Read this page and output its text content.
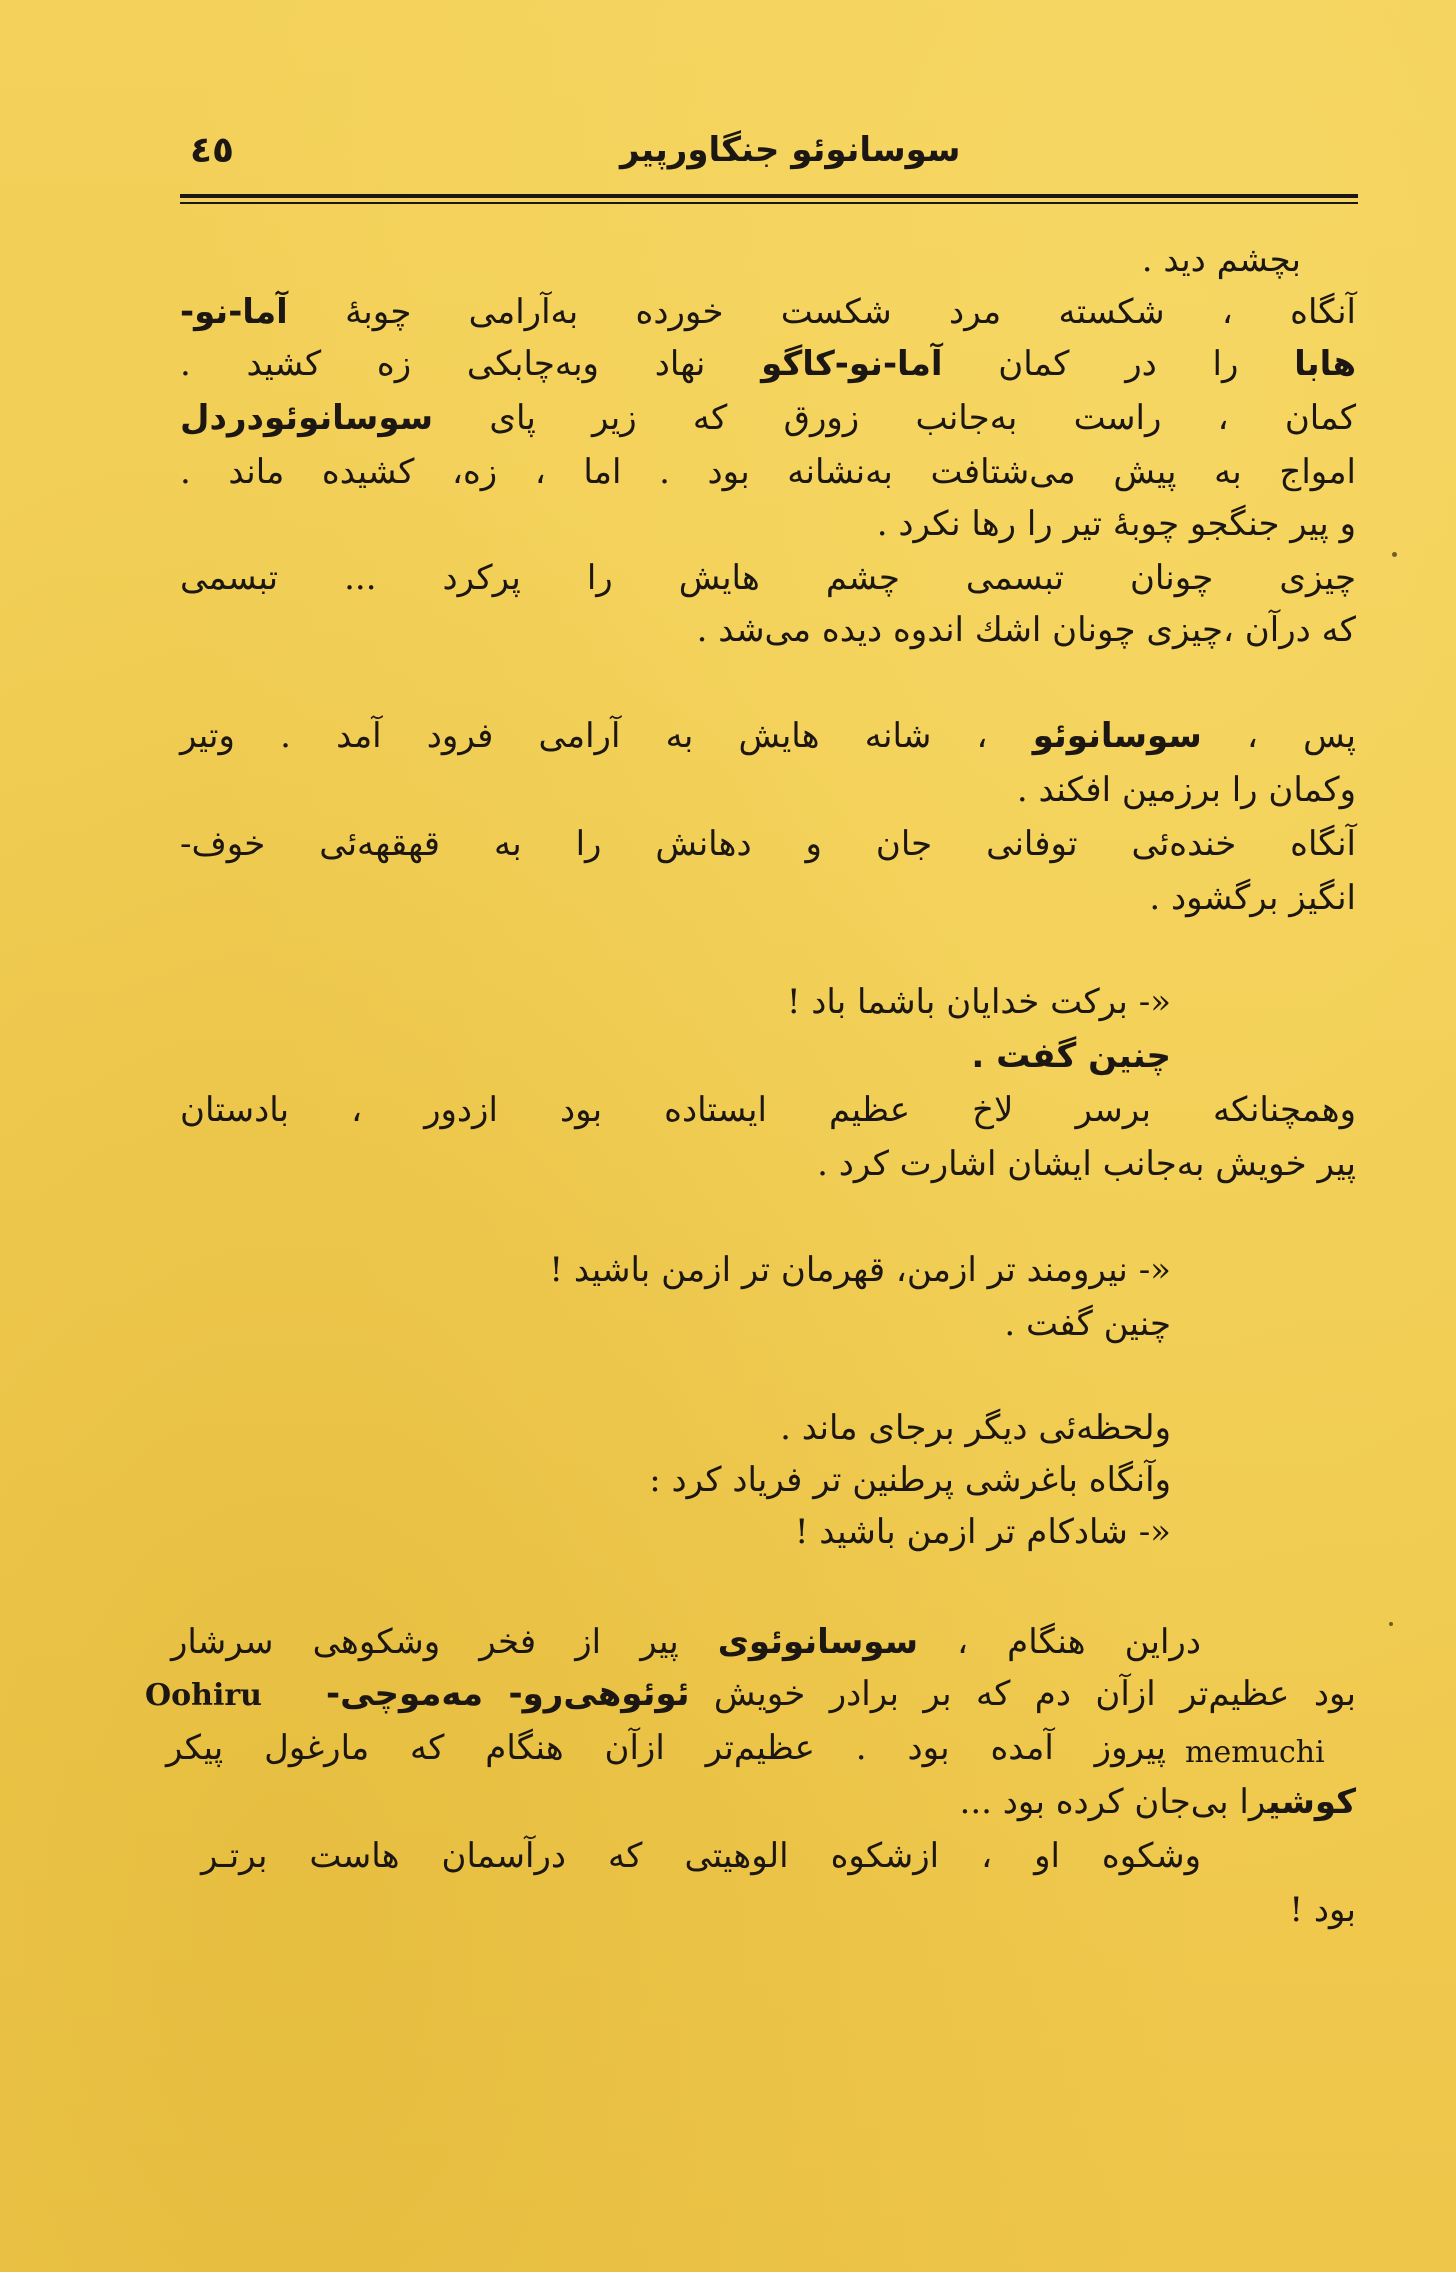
٤٥	سوسانوئو جنگاورپیر
بچشم دید .
آنگاه ، شکسته مرد شکست خورده به‌آرامی چوبهٔ آما-نو-
هابا را در کمان آما-نو-کاگو نهاد وبه‌چابکی زه کشید .
کمان ، راست به‌جانب زورق که زیر پای سوسانوئودردل
امواج به پیش می‌شتافت به‌نشانه بود . اما ، زه، کشیده ماند .
و پیر جنگجو چوبهٔ تیر را رها نکرد .
چیزی چونان تبسمی چشم هایش را پرکرد ... تبسمی
که درآن ،چیزی چونان اشك اندوه دیده می‌شد .
پس ، سوسانوئو ، شانه هایش به آرامی فرود آمد . وتیر
وکمان را برزمین افکند .
آنگاه خنده‌ئی توفانی جان و دهانش را به قهقهه‌ئی خوف-
انگیز برگشود .
«- برکت خدایان باشما باد !
چنین گفت .
وهمچنانکه برسر لاخ عظیم ایستاده بود ازدور ، بادستان
پیر خویش به‌جانب ایشان اشارت کرد .
«- نیرومند تر ازمن، قهرمان تر ازمن باشید !
چنین گفت .
ولحظه‌ئی دیگر برجای ماند .
وآنگاه باغرشی پرطنین تر فریاد کرد :
«- شادکام تر ازمن باشید !
دراین هنگام ، سوسانوئوی پیر از فخر وشکوهی سرشار
بود عظیم‌تر ازآن دم که بر برادر خویش ئوئوهی‌رو- مه‌موچی-
پیروز آمده بود . عظیم‌تر ازآن هنگام که مارغول پیکر
کوشیرا بی‌جان کرده بود ...
وشکوه او ، ازشکوه الوهیتی که درآسمان هاست برتـر
بود !
Oohiru
memuchi
